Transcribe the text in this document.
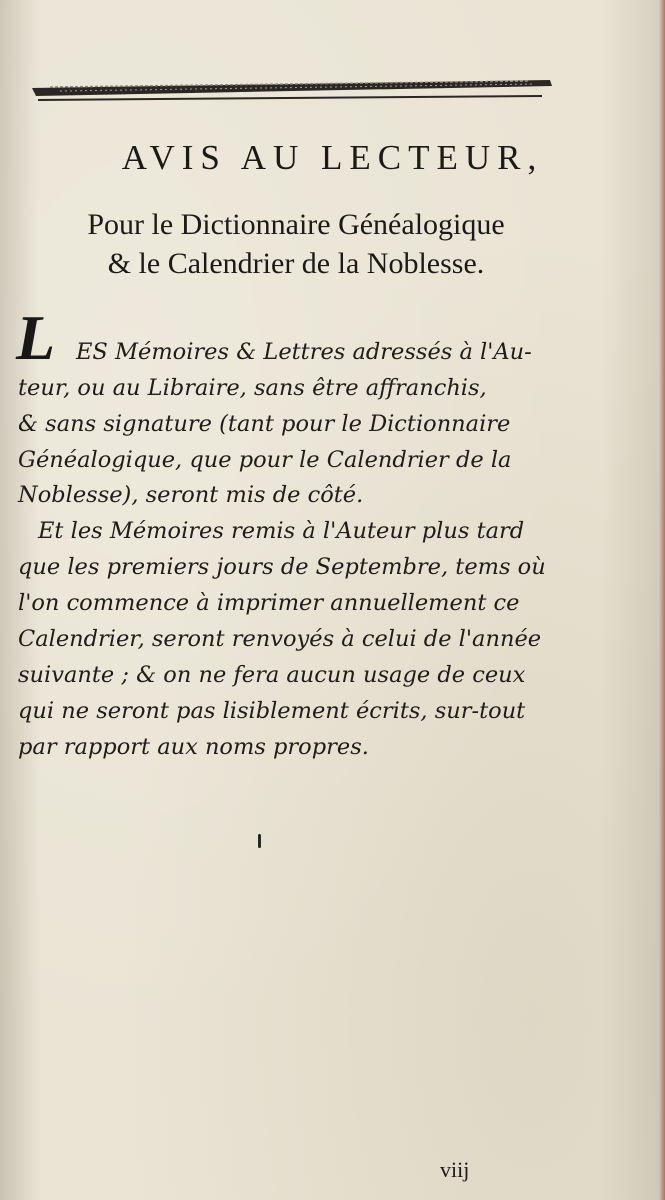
AVIS AU LECTEUR,
Pour le Dictionnaire Généalogique
& le Calendrier de la Noblesse.
L ES Mémoires & Lettres adressés à l'Au-
teur, ou au Libraire, sans être affranchis,
& sans signature (tant pour le Dictionnaire
Généalogique, que pour le Calendrier de la
Noblesse), seront mis de côté.
Et les Mémoires remis à l'Auteur plus tard
que les premiers jours de Septembre, tems où
l'on commence à imprimer annuellement ce
Calendrier, seront renvoyés à celui de l'année
suivante ; & on ne fera aucun usage de ceux
qui ne seront pas lisiblement écrits, sur-tout
par rapport aux noms propres.
viij
